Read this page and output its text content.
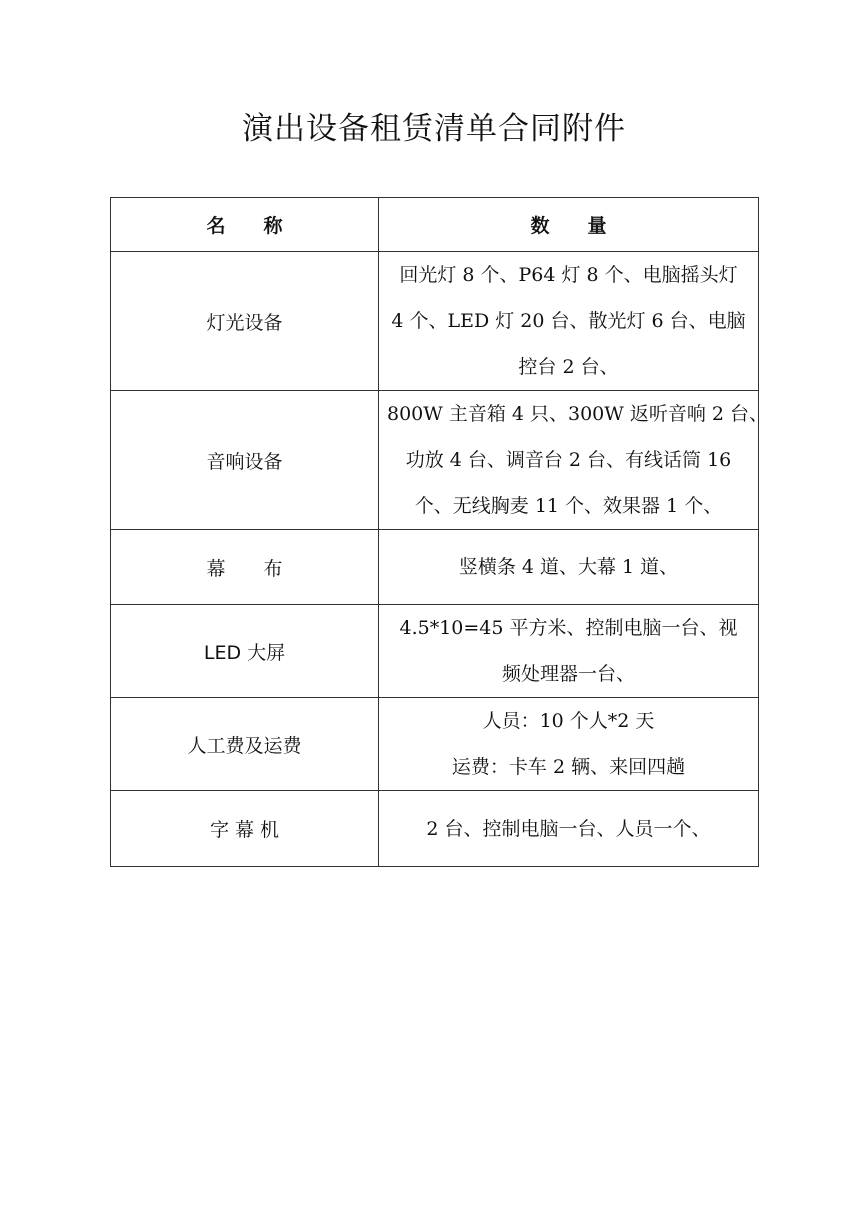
演出设备租赁清单合同附件
名　　称	数　　量
灯光设备	回光灯 8 个、P64 灯 8 个、电脑摇头灯
4 个、LED 灯 20 台、散光灯 6 台、电脑
控台 2 台、

音响设备	800W 主音箱 4 只、300W 返听音响 2 台、
功放 4 台、调音台 2 台、有线话筒 16
个、无线胸麦 11 个、效果器 1 个、

幕　　布	竖横条 4 道、大幕 1 道、

LED 大屏	4.5*10=45 平方米、控制电脑一台、视
频处理器一台、

人工费及运费	人员：10 个人*2 天
运费：卡车 2 辆、来回四趟

字 幕 机	2 台、控制电脑一台、人员一个、
